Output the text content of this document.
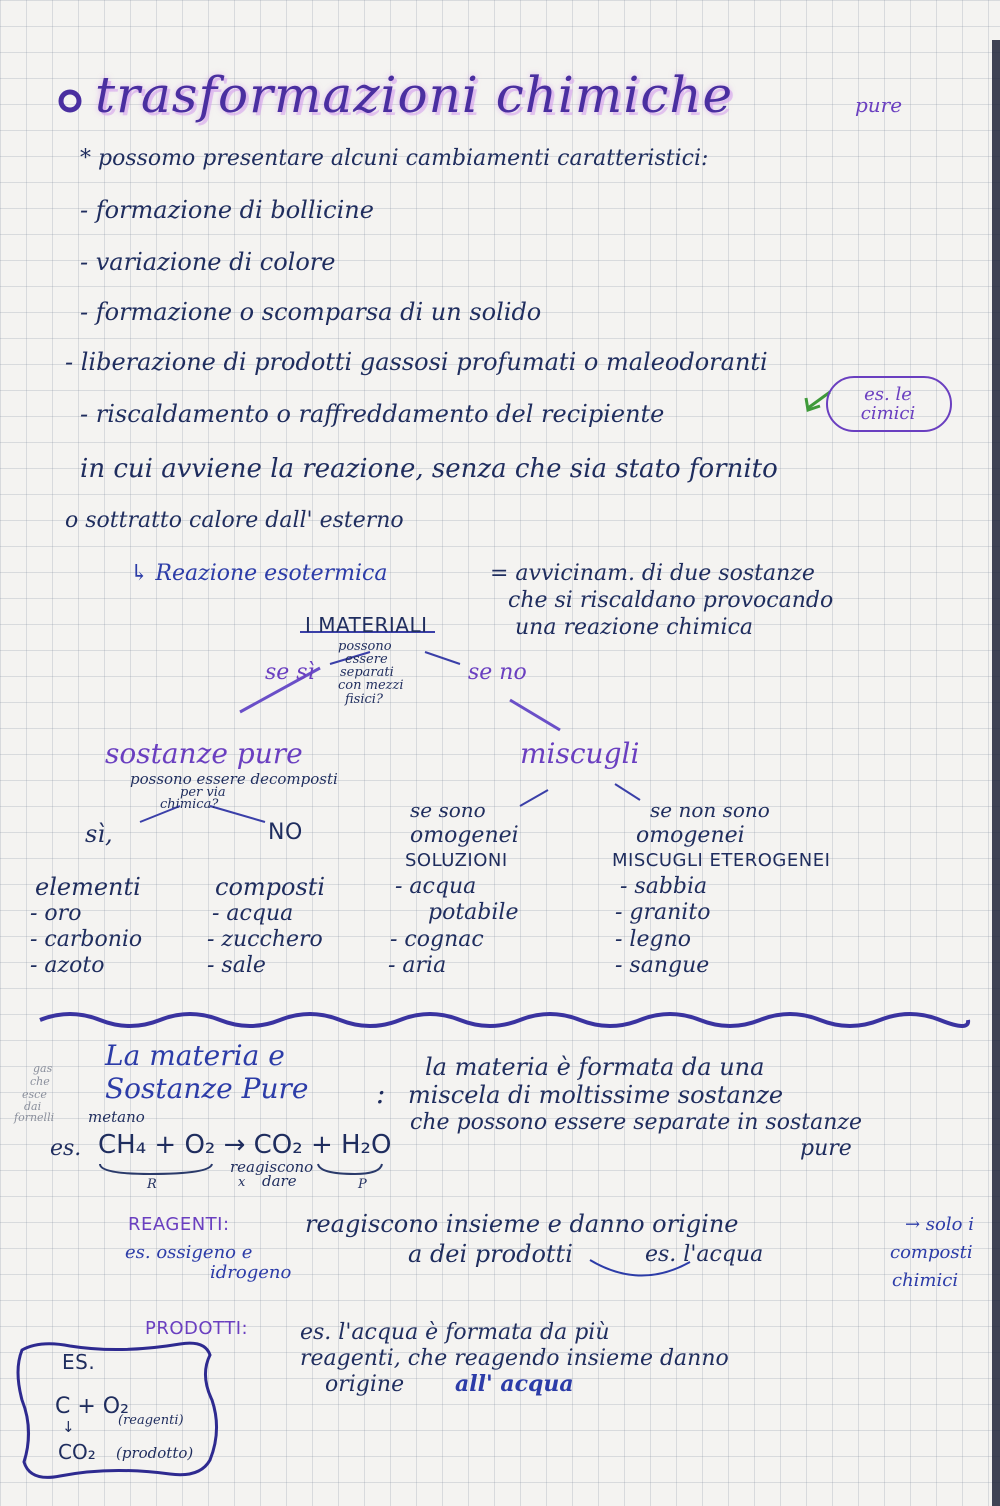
trasformazioni chimiche	pure
* possomo presentare alcuni cambiamenti caratteristici:
- formazione di bollicine
- variazione di colore
- formazione o scomparsa di un solido
- liberazione di prodotti gassosi profumati o maleodoranti
- riscaldamento o raffreddamento del recipiente
es. le cimici
in cui avviene la reazione, senza che sia stato fornito
o sottratto calore dall' esterno
↳ Reazione esotermica	= avvicinam. di due sostanze
che si riscaldano provocando
una reazione chimica
I MATERIALI
possono
essere
separati
con mezzi
fisici?
se sì	se no
sostanze pure
possono essere decomposti
per via
chimica?
sì,	NO
elementi
- oro
- carbonio
- azoto
composti
- acqua
- zucchero
- sale
miscugli
se sono
omogenei
SOLUZIONI
- acqua
potabile
- cognac
- aria
se non sono
omogenei
MISCUGLI ETEROGENEI
- sabbia
- granito
- legno
- sangue
gas
che
esce
dai
fornelli
La materia e
Sostanze Pure :
la materia è formata da una
miscela di moltissime sostanze
che possono essere separate in sostanze
pure
metano
es. CH₄ + O₂ → CO₂ + H₂O
reagiscono
x dare
R	P
REAGENTI:	reagiscono insieme e danno origine
a dei prodotti	es. l'acqua
es. ossigeno e
idrogeno
→ solo i
composti
chimici
PRODOTTI: es. l'acqua è formata da più
reagenti, che reagendo insieme danno
origine all' acqua
ES.
C + O₂
↓	(reagenti)
CO₂ (prodotto)
